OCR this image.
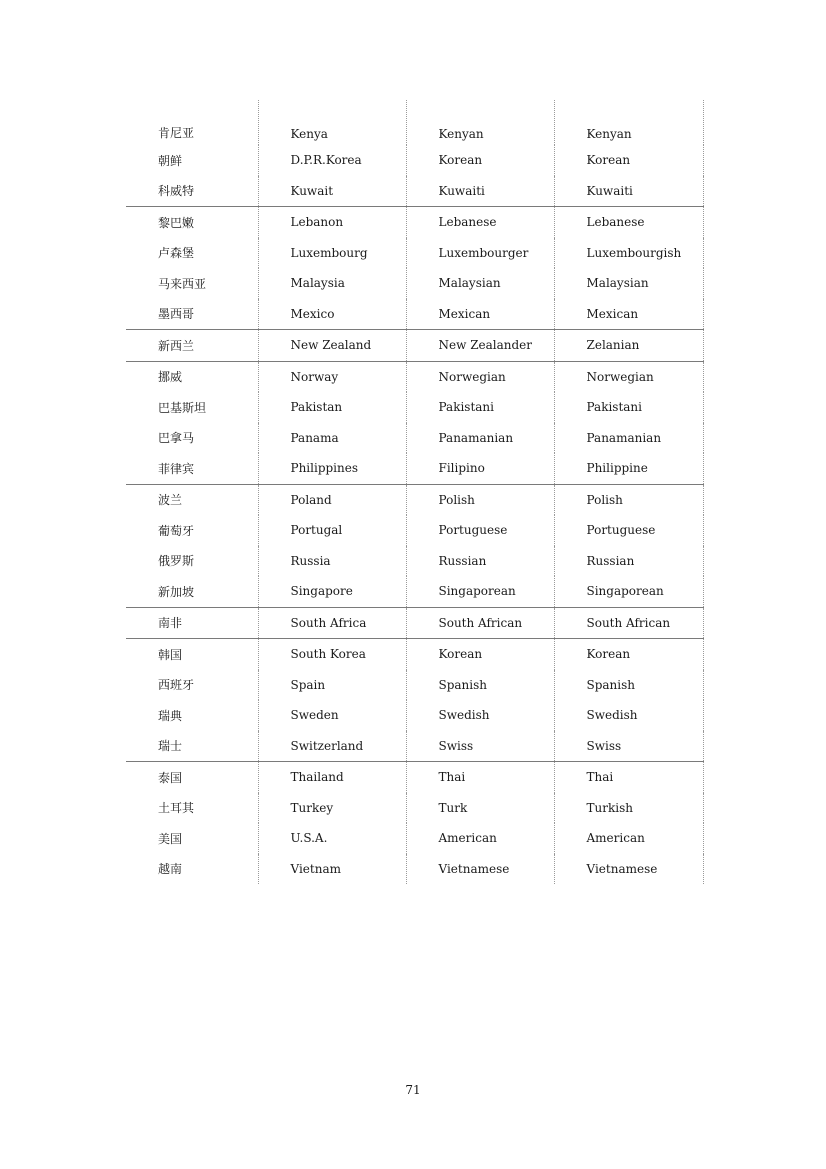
肯尼亚	Kenya	Kenyan	Kenyan
朝鲜	D.P.R.Korea	Korean	Korean
科威特	Kuwait	Kuwaiti	Kuwaiti
黎巴嫩	Lebanon	Lebanese	Lebanese
卢森堡	Luxembourg	Luxembourger	Luxembourgish
马来西亚	Malaysia	Malaysian	Malaysian
墨西哥	Mexico	Mexican	Mexican
新西兰	New Zealand	New Zealander	Zelanian
挪威	Norway	Norwegian	Norwegian
巴基斯坦	Pakistan	Pakistani	Pakistani
巴拿马	Panama	Panamanian	Panamanian
菲律宾	Philippines	Filipino	Philippine
波兰	Poland	Polish	Polish
葡萄牙	Portugal	Portuguese	Portuguese
俄罗斯	Russia	Russian	Russian
新加坡	Singapore	Singaporean	Singaporean
南非	South Africa	South African	South African
韩国	South Korea	Korean	Korean
西班牙	Spain	Spanish	Spanish
瑞典	Sweden	Swedish	Swedish
瑞士	Switzerland	Swiss	Swiss
泰国	Thailand	Thai	Thai
土耳其	Turkey	Turk	Turkish
美国	U.S.A.	American	American
越南	Vietnam	Vietnamese	Vietnamese
71
